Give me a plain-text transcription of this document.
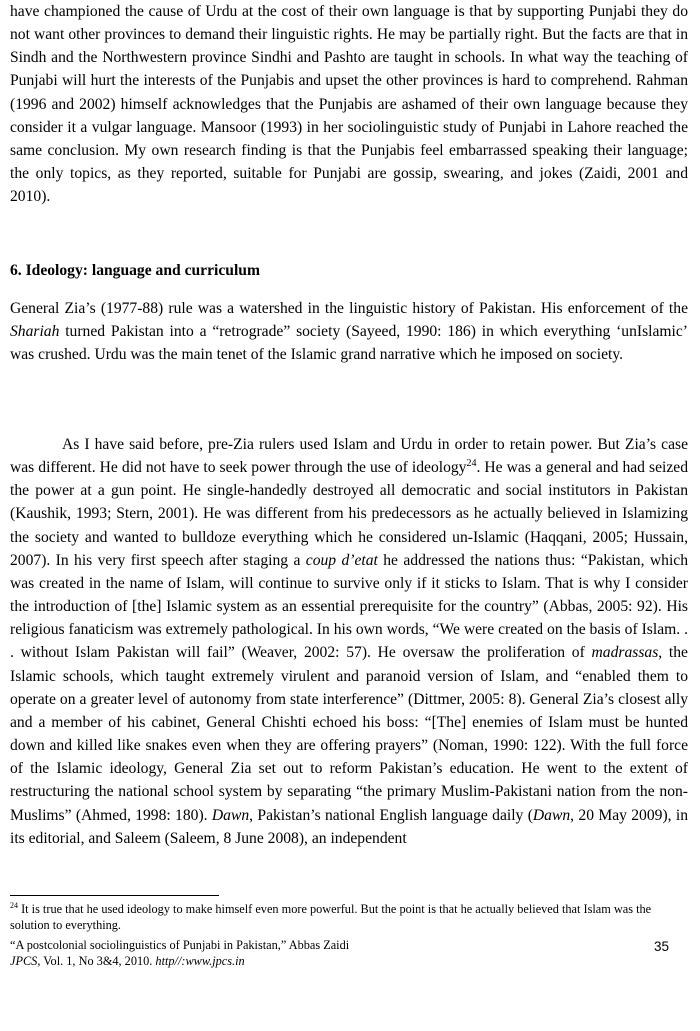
have championed the cause of Urdu at the cost of their own language is that by supporting Punjabi they do not want other provinces to demand their linguistic rights. He may be partially right. But the facts are that in Sindh and the Northwestern province Sindhi and Pashto are taught in schools. In what way the teaching of Punjabi will hurt the interests of the Punjabis and upset the other provinces is hard to comprehend. Rahman (1996 and 2002) himself acknowledges that the Punjabis are ashamed of their own language because they consider it a vulgar language. Mansoor (1993) in her sociolinguistic study of Punjabi in Lahore reached the same conclusion. My own research finding is that the Punjabis feel embarrassed speaking their language; the only topics, as they reported, suitable for Punjabi are gossip, swearing, and jokes (Zaidi, 2001 and 2010).

6. Ideology: language and curriculum

General Zia’s (1977-88) rule was a watershed in the linguistic history of Pakistan. His enforcement of the Shariah turned Pakistan into a “retrograde” society (Sayeed, 1990: 186) in which everything ‘unIslamic’ was crushed. Urdu was the main tenet of the Islamic grand narrative which he imposed on society.

As I have said before, pre-Zia rulers used Islam and Urdu in order to retain power. But Zia’s case was different. He did not have to seek power through the use of ideology$^{24}$. He was a general and had seized the power at a gun point. He single-handedly destroyed all democratic and social institutors in Pakistan (Kaushik, 1993; Stern, 2001). He was different from his predecessors as he actually believed in Islamizing the society and wanted to bulldoze everything which he considered un-Islamic (Haqqani, 2005; Hussain, 2007). In his very first speech after staging a coup d’etat he addressed the nations thus: “Pakistan, which was created in the name of Islam, will continue to survive only if it sticks to Islam. That is why I consider the introduction of [the] Islamic system as an essential prerequisite for the country” (Abbas, 2005: 92). His religious fanaticism was extremely pathological. In his own words, “We were created on the basis of Islam. . . without Islam Pakistan will fail” (Weaver, 2002: 57). He oversaw the proliferation of madrassas, the Islamic schools, which taught extremely virulent and paranoid version of Islam, and “enabled them to operate on a greater level of autonomy from state interference” (Dittmer, 2005: 8). General Zia’s closest ally and a member of his cabinet, General Chishti echoed his boss: “[The] enemies of Islam must be hunted down and killed like snakes even when they are offering prayers” (Noman, 1990: 122). With the full force of the Islamic ideology, General Zia set out to reform Pakistan’s education. He went to the extent of restructuring the national school system by separating “the primary Muslim-Pakistani nation from the non-Muslims” (Ahmed, 1998: 180). Dawn, Pakistan’s national English language daily (Dawn, 20 May 2009), in its editorial, and Saleem (Saleem, 8 June 2008), an independent

$^{24}$ It is true that he used ideology to make himself even more powerful. But the point is that he actually believed that Islam was the solution to everything.

“A postcolonial sociolinguistics of Punjabi in Pakistan,” Abbas Zaidi
JPCS, Vol. 1, No 3&4, 2010. http//:www.jpcs.in
35
